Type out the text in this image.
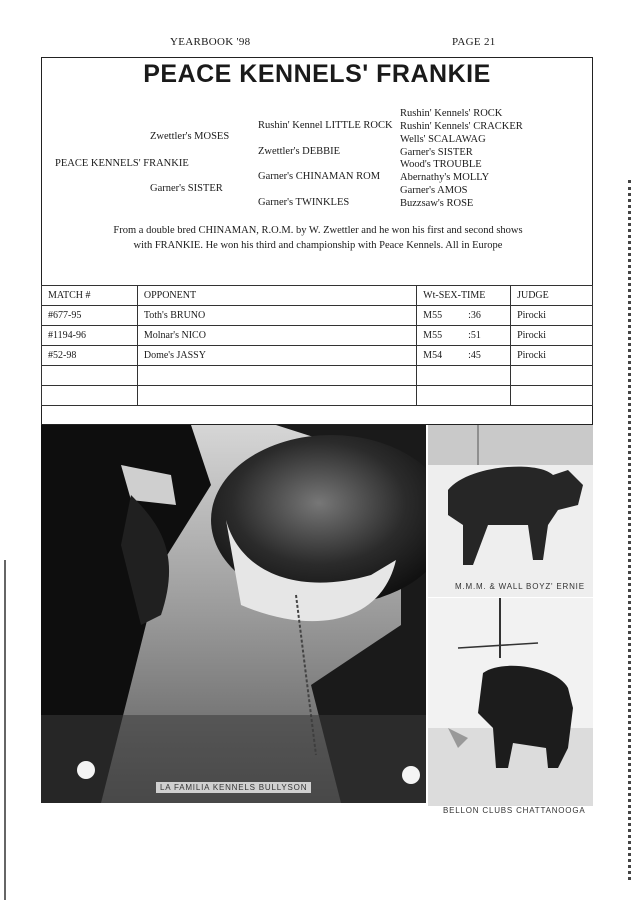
YEARBOOK '98	PAGE 21
PEACE KENNELS' FRANKIE
PEACE KENNELS' FRANKIE
Zwettler's MOSES
Garner's SISTER
Rushin' Kennel LITTLE ROCK
Zwettler's DEBBIE
Garner's CHINAMAN ROM
Garner's TWINKLES
Rushin' Kennels' ROCK
Rushin' Kennels' CRACKER
Wells' SCALAWAG
Garner's SISTER
Wood's TROUBLE
Abernathy's MOLLY
Garner's AMOS
Buzzsaw's ROSE
From a double bred CHINAMAN, R.O.M. by W. Zwettler and he won his first and second shows
with FRANKIE. He won his third and championship with Peace Kennels. All in Europe
MATCH #	OPPONENT	Wt-SEX-TIME	JUDGE
#677-95	Toth's BRUNO	M55 :36	Pirocki
#1194-96	Molnar's NICO	M55 :51	Pirocki
#52-98	Dome's JASSY	M54 :45	Pirocki

LA FAMILIA KENNELS BULLYSON
M.M.M. & WALL BOYZ' ERNIE
BELLON CLUBS CHATTANOOGA
